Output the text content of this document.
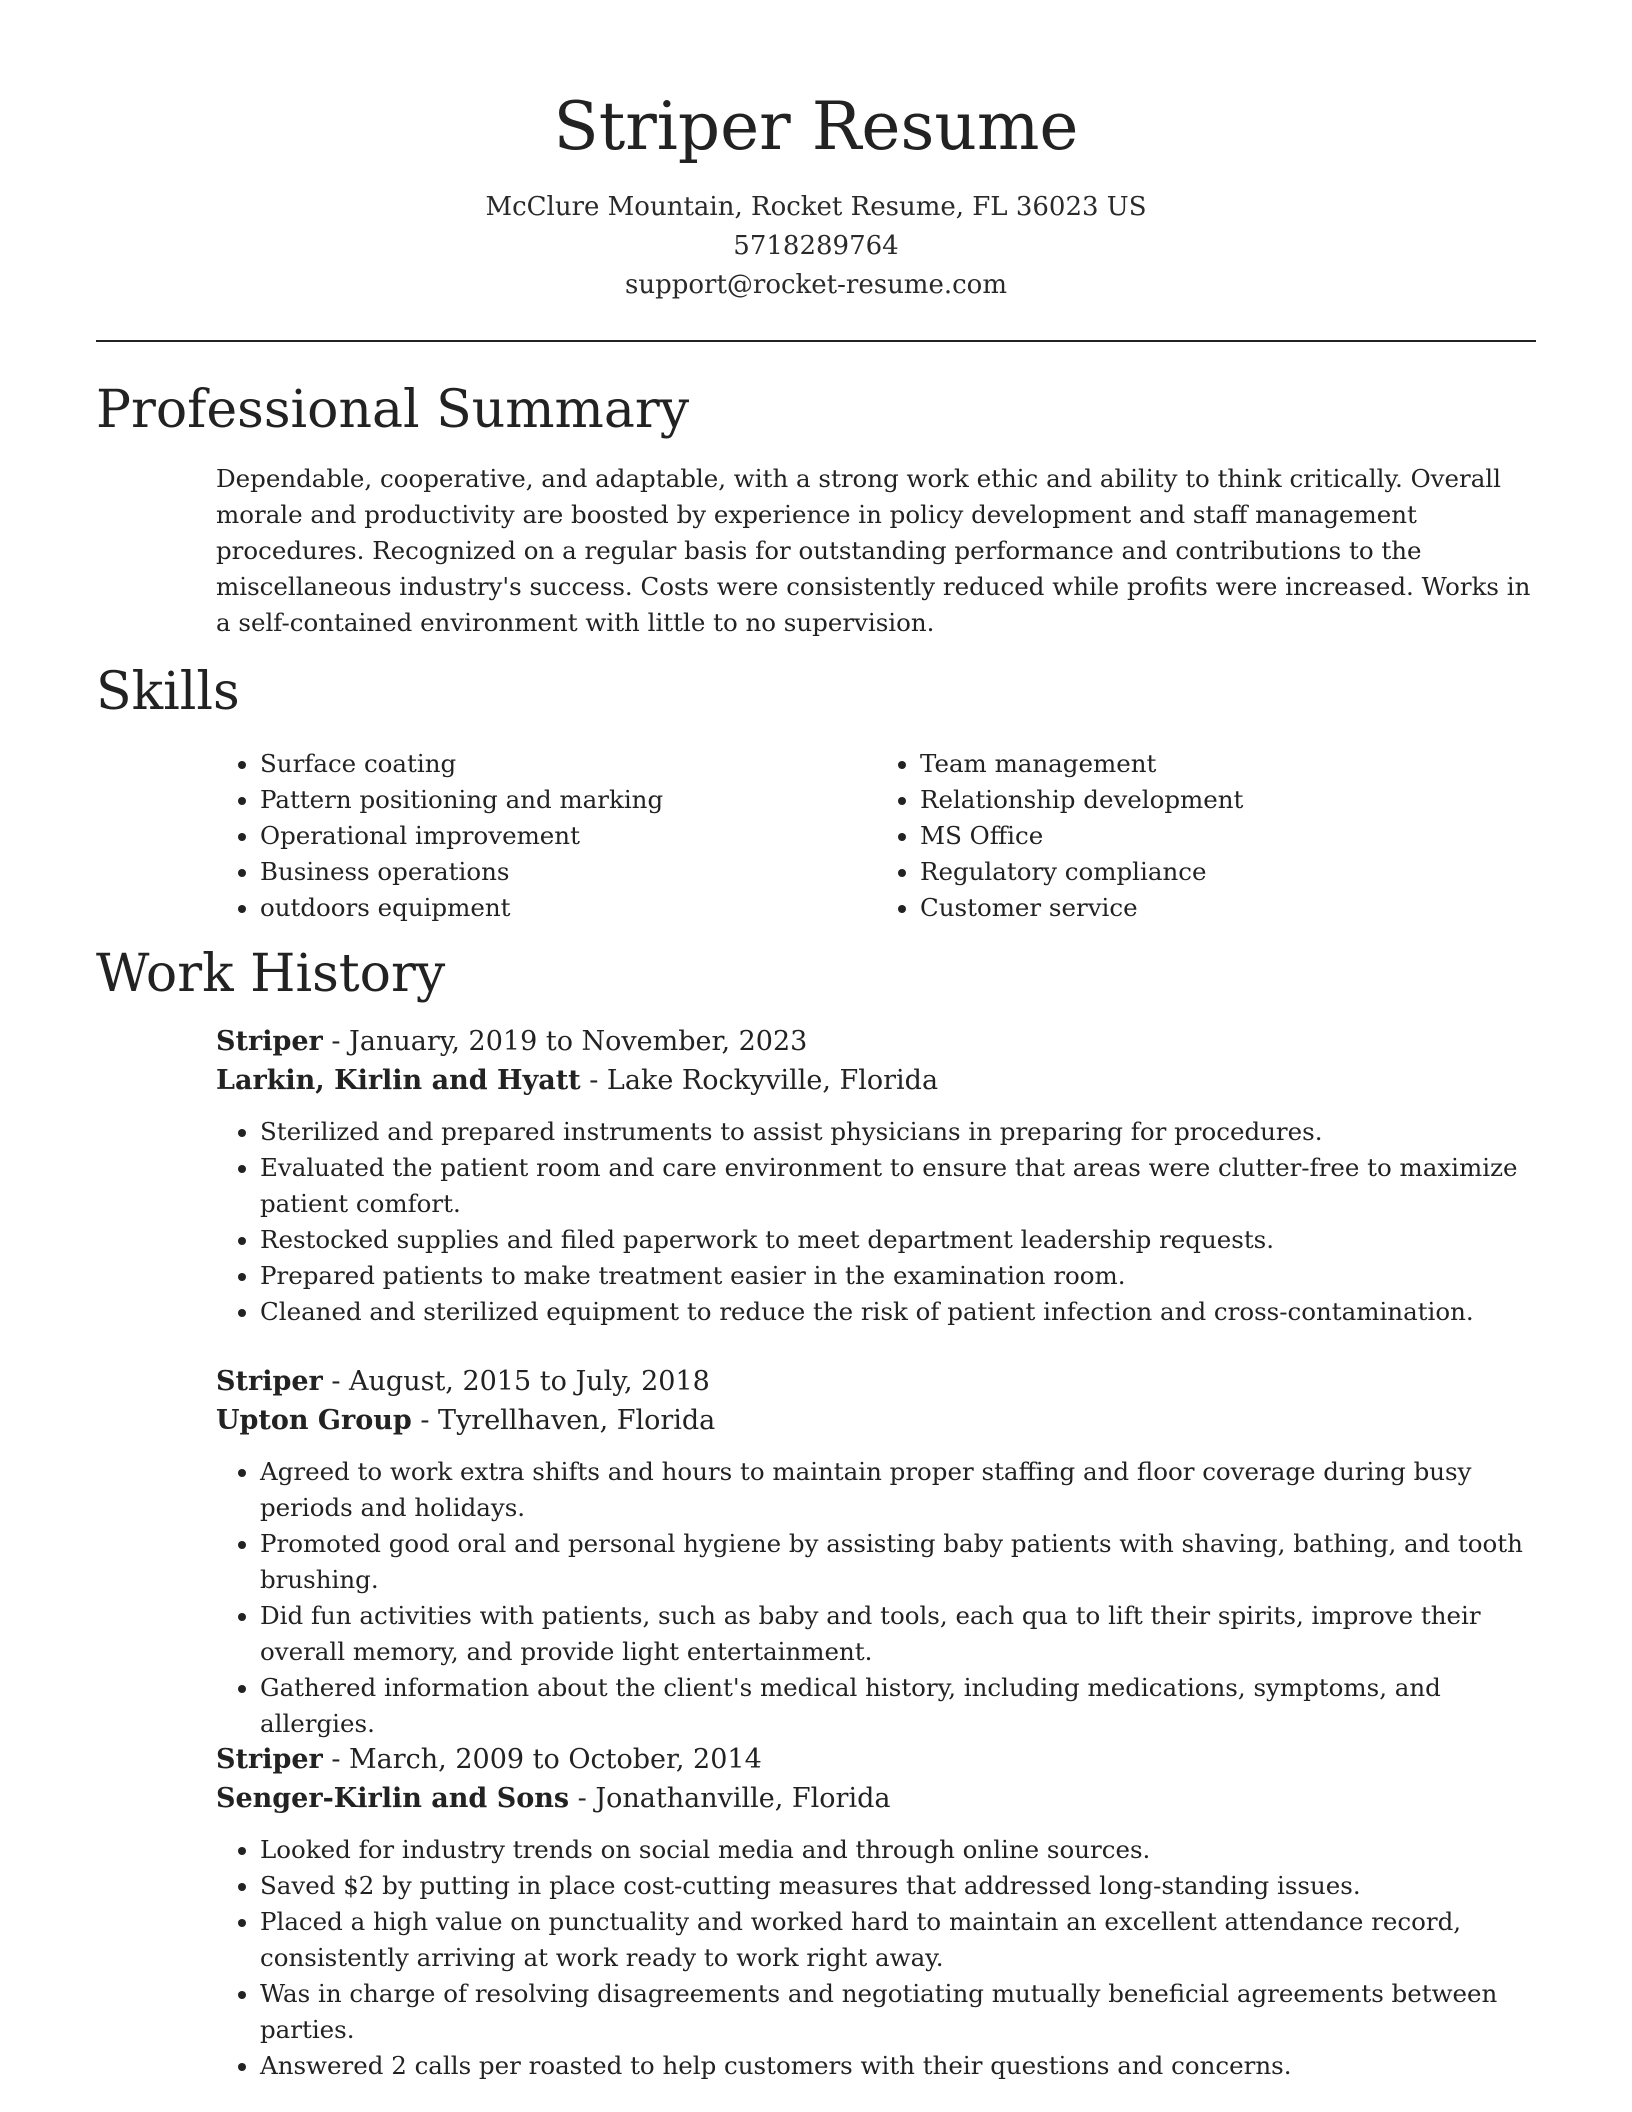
Striper Resume
McClure Mountain, Rocket Resume, FL 36023 US
5718289764
support@rocket-resume.com
Professional Summary

Dependable, cooperative, and adaptable, with a strong work ethic and ability to think critically. Overall morale and productivity are boosted by experience in policy development and staff management procedures. Recognized on a regular basis for outstanding performance and contributions to the miscellaneous industry's success. Costs were consistently reduced while profits were increased. Works in a self-contained environment with little to no supervision.

Skills
• Surface coating
• Pattern positioning and marking
• Operational improvement
• Business operations
• outdoors equipment
• Team management
• Relationship development
• MS Office
• Regulatory compliance
• Customer service
Work History
Striper - January, 2019 to November, 2023
Larkin, Kirlin and Hyatt - Lake Rockyville, Florida
• Sterilized and prepared instruments to assist physicians in preparing for procedures.
• Evaluated the patient room and care environment to ensure that areas were clutter-free to maximize patient comfort.
• Restocked supplies and filed paperwork to meet department leadership requests.
• Prepared patients to make treatment easier in the examination room.
• Cleaned and sterilized equipment to reduce the risk of patient infection and cross-contamination.
Striper - August, 2015 to July, 2018
Upton Group - Tyrellhaven, Florida
• Agreed to work extra shifts and hours to maintain proper staffing and floor coverage during busy periods and holidays.
• Promoted good oral and personal hygiene by assisting baby patients with shaving, bathing, and tooth brushing.
• Did fun activities with patients, such as baby and tools, each qua to lift their spirits, improve their overall memory, and provide light entertainment.
• Gathered information about the client's medical history, including medications, symptoms, and allergies.
Striper - March, 2009 to October, 2014
Senger-Kirlin and Sons - Jonathanville, Florida
• Looked for industry trends on social media and through online sources.
• Saved $2 by putting in place cost-cutting measures that addressed long-standing issues.
• Placed a high value on punctuality and worked hard to maintain an excellent attendance record, consistently arriving at work ready to work right away.
• Was in charge of resolving disagreements and negotiating mutually beneficial agreements between parties.
• Answered 2 calls per roasted to help customers with their questions and concerns.
